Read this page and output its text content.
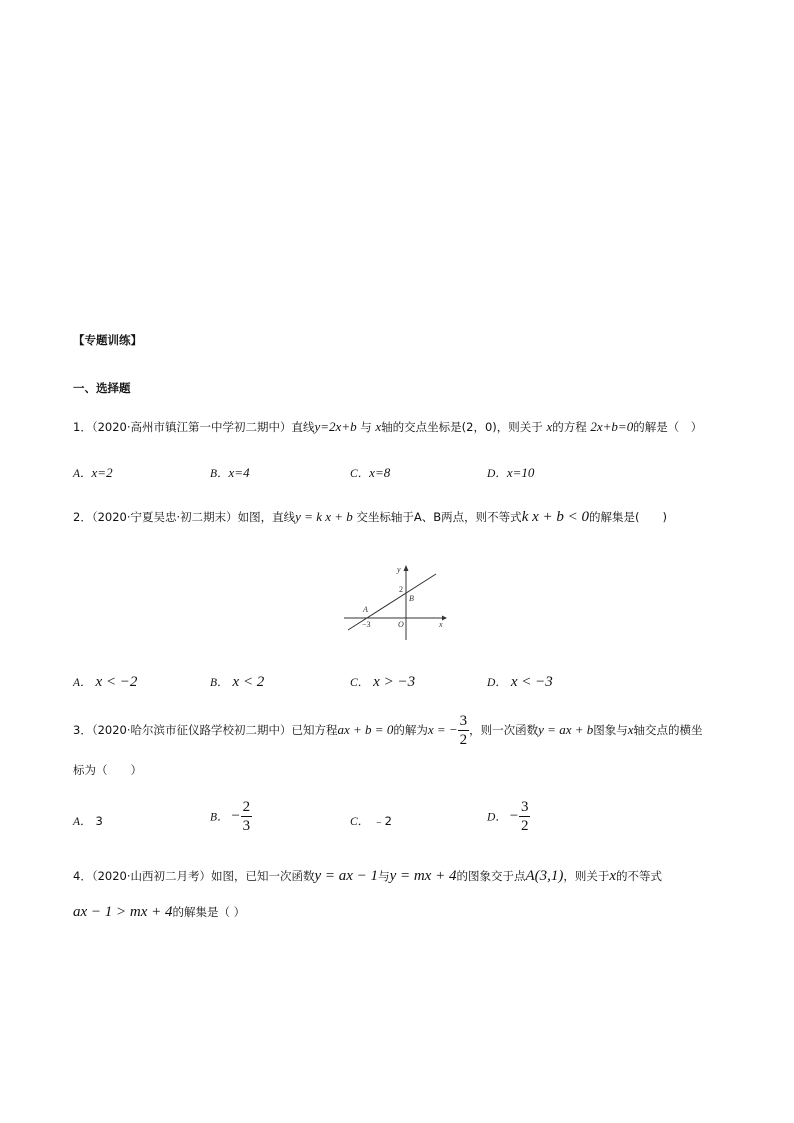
【专题训练】
一、选择题
1．（2020·高州市镇江第一中学初二期中）直线y=2x+b 与 x轴的交点坐标是(2，0)，则关于 x的方程 2x+b=0的解是（　）
A．x=2	B．x=4	C．x=8	D．x=10
2．（2020·宁夏吴忠·初二期末）如图，直线y = k x + b 交坐标轴于A、B两点，则不等式k x + b < 0的解集是(　　)
y
x
O
A
B
−3
2
A． x < −2	B． x < 2	C． x > −3	D． x < −3
3．（2020·哈尔滨市征仪路学校初二期中）已知方程ax + b = 0的解为x = − $\frac{3}{2}$ ，则一次函数y = ax + b图象与x轴交点的横坐
标为（　　）
A． 3	B． − $\frac{2}{3}$	C． ﹣2	D． − $\frac{3}{2}$
4．（2020·山西初二月考）如图，已知一次函数y = ax − 1与y = mx + 4的图象交于点A(3,1)，则关于x的不等式
ax − 1 > mx + 4的解集是（ ）
